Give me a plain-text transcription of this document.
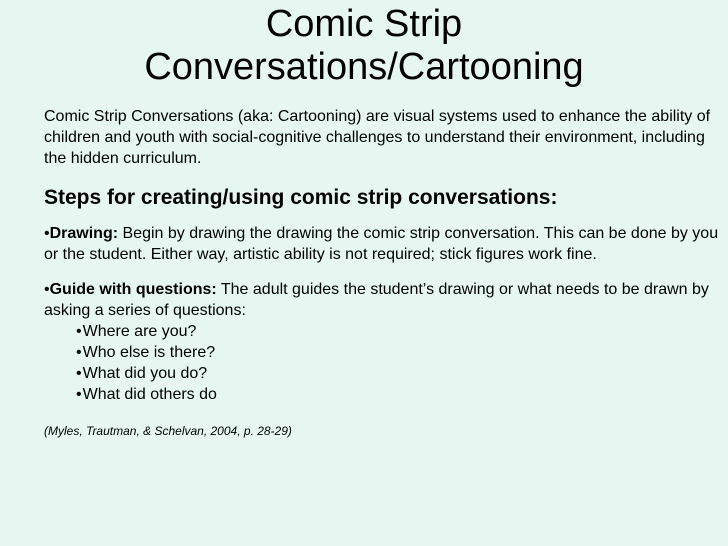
Comic Strip
Conversations/Cartooning

Comic Strip Conversations (aka: Cartooning) are visual systems used to enhance the ability of children and youth with social-cognitive challenges to understand their environment, including the hidden curriculum.

Steps for creating/using comic strip conversations:

•Drawing: Begin by drawing the drawing the comic strip conversation. This can be done by you or the student. Either way, artistic ability is not required; stick figures work fine.

•Guide with questions: The adult guides the student’s drawing or what needs to be drawn by asking a series of questions:

• Where are you?
• Who else is there?
• What did you do?
• What did others do

(Myles, Trautman, & Schelvan, 2004, p. 28-29)
